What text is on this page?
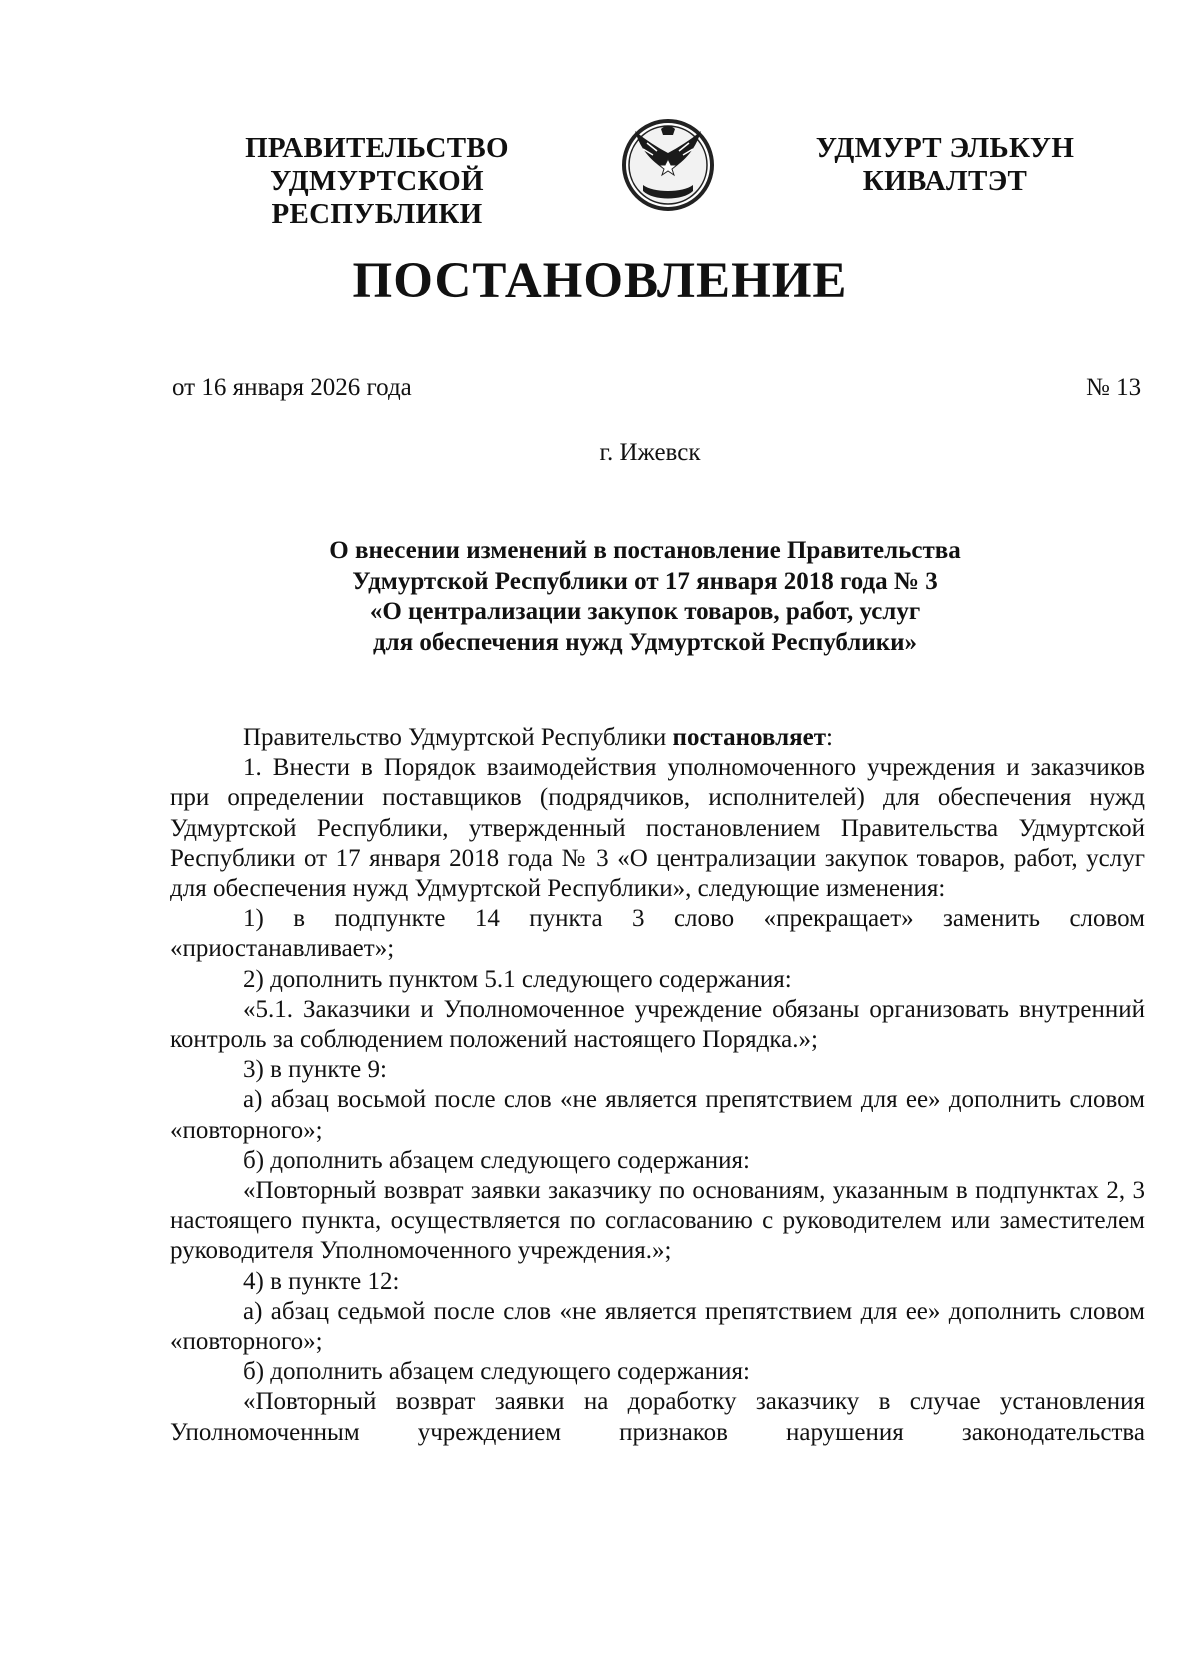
ПРАВИТЕЛЬСТВО
УДМУРТСКОЙ РЕСПУБЛИКИ
УДМУРТ ЭЛЬКУН
КИВАЛТЭТ
ПОСТАНОВЛЕНИЕ
от 16 января 2026 года	№ 13
г. Ижевск
О внесении изменений в постановление Правительства
Удмуртской Республики от 17 января 2018 года № 3
«О централизации закупок товаров, работ, услуг
для обеспечения нужд Удмуртской Республики»

Правительство Удмуртской Республики постановляет:

1. Внести в Порядок взаимодействия уполномоченного учреждения и заказчиков при определении поставщиков (подрядчиков, исполнителей) для обеспечения нужд Удмуртской Республики, утвержденный постановлением Правительства Удмуртской Республики от 17 января 2018 года № 3 «О централизации закупок товаров, работ, услуг для обеспечения нужд Удмуртской Республики», следующие изменения:

1) в подпункте 14 пункта 3 слово «прекращает» заменить словом «приостанавливает»;

2) дополнить пунктом 5.1 следующего содержания:

«5.1. Заказчики и Уполномоченное учреждение обязаны организовать внутренний контроль за соблюдением положений настоящего Порядка.»;

3) в пункте 9:

а) абзац восьмой после слов «не является препятствием для ее» дополнить словом «повторного»;

б) дополнить абзацем следующего содержания:

«Повторный возврат заявки заказчику по основаниям, указанным в подпунктах 2, 3 настоящего пункта, осуществляется по согласованию с руководителем или заместителем руководителя Уполномоченного учреждения.»;

4) в пункте 12:

а) абзац седьмой после слов «не является препятствием для ее» дополнить словом «повторного»;

б) дополнить абзацем следующего содержания:

«Повторный возврат заявки на доработку заказчику в случае установления Уполномоченным учреждением признаков нарушения законодательства
